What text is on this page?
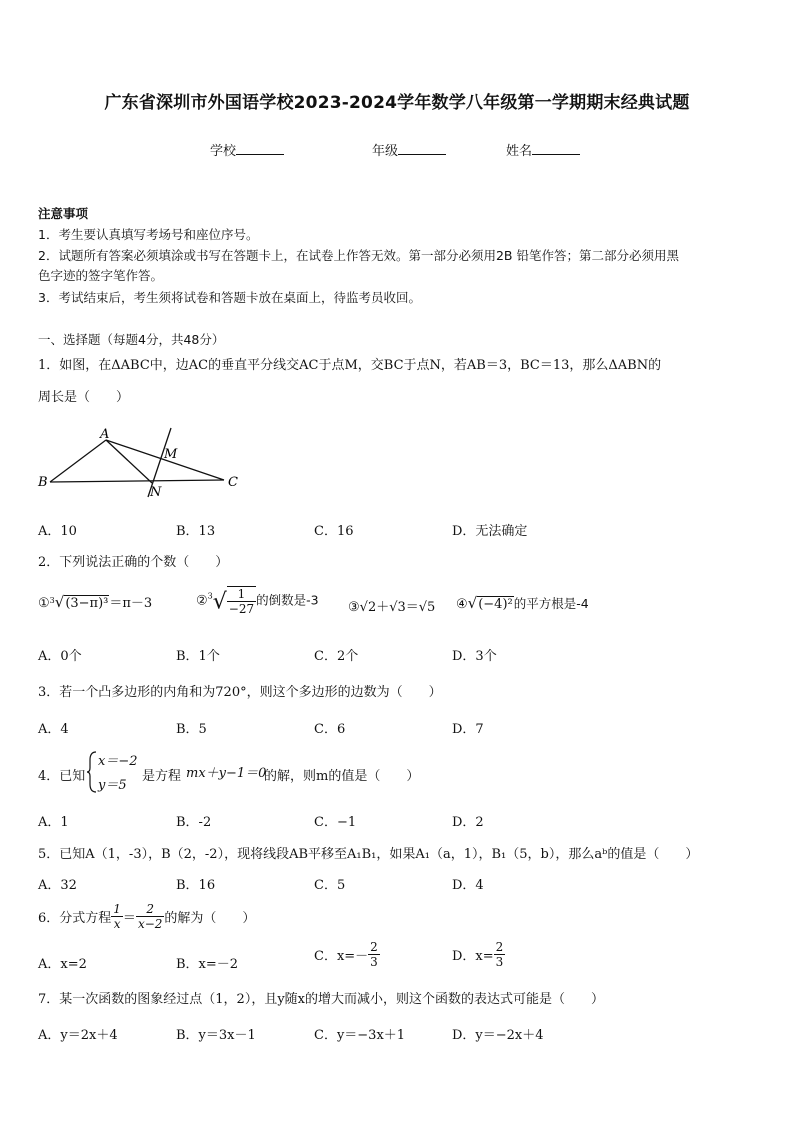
广东省深圳市外国语学校2023-2024学年数学八年级第一学期期末经典试题
学校	年级	姓名
注意事项
1．考生要认真填写考场号和座位序号。
2．试题所有答案必须填涂或书写在答题卡上，在试卷上作答无效。第一部分必须用2B 铅笔作答；第二部分必须用黑
色字迹的签字笔作答。
3．考试结束后，考生须将试卷和答题卡放在桌面上，待监考员收回。
一、选择题（每题4分，共48分）
1．如图，在ΔABC中，边AC的垂直平分线交AC于点M，交BC于点N，若AB＝3，BC＝13，那么ΔABN的
周长是（　　）
B
A
M
N
C
A．10	B．13	C．16	D．无法确定
2．下列说法正确的个数（　　）
①$^3$√(3−π)³＝π－3	②$^3$√ $\frac{1}{-27}$ 的倒数是-3 ③√2＋√3＝√5 ④√(−4)²的平方根是-4
A．0个	B．1个	C．2个	D．3个
3．若一个凸多边形的内角和为720°，则这个多边形的边数为（　　）
A．4	B．5	C．6	D．7
4．已知
x＝−2
y＝5
是方程 mx＋y−1＝0
的解，则m的值是（　　）
A．1	B．-2	C．−1	D．2
5．已知A（1，-3），B（2，-2），现将线段AB平移至A₁B₁，如果A₁（a，1），B₁（5，b），那么aᵇ的值是（　　）
A．32	B．16	C．5	D．4
6．分式方程 $\frac{1}{x} = \frac{2}{x-2}$ 的解为（　　）
A．x=2	B．x=－2
C．$x=- \frac{2}{3}$	D．$x= \frac{2}{3}$
7．某一次函数的图象经过点（1，2），且y随x的增大而减小，则这个函数的表达式可能是（　　）
A．y＝2x＋4	B．y＝3x－1	C．y＝−3x＋1	D．y＝−2x＋4
